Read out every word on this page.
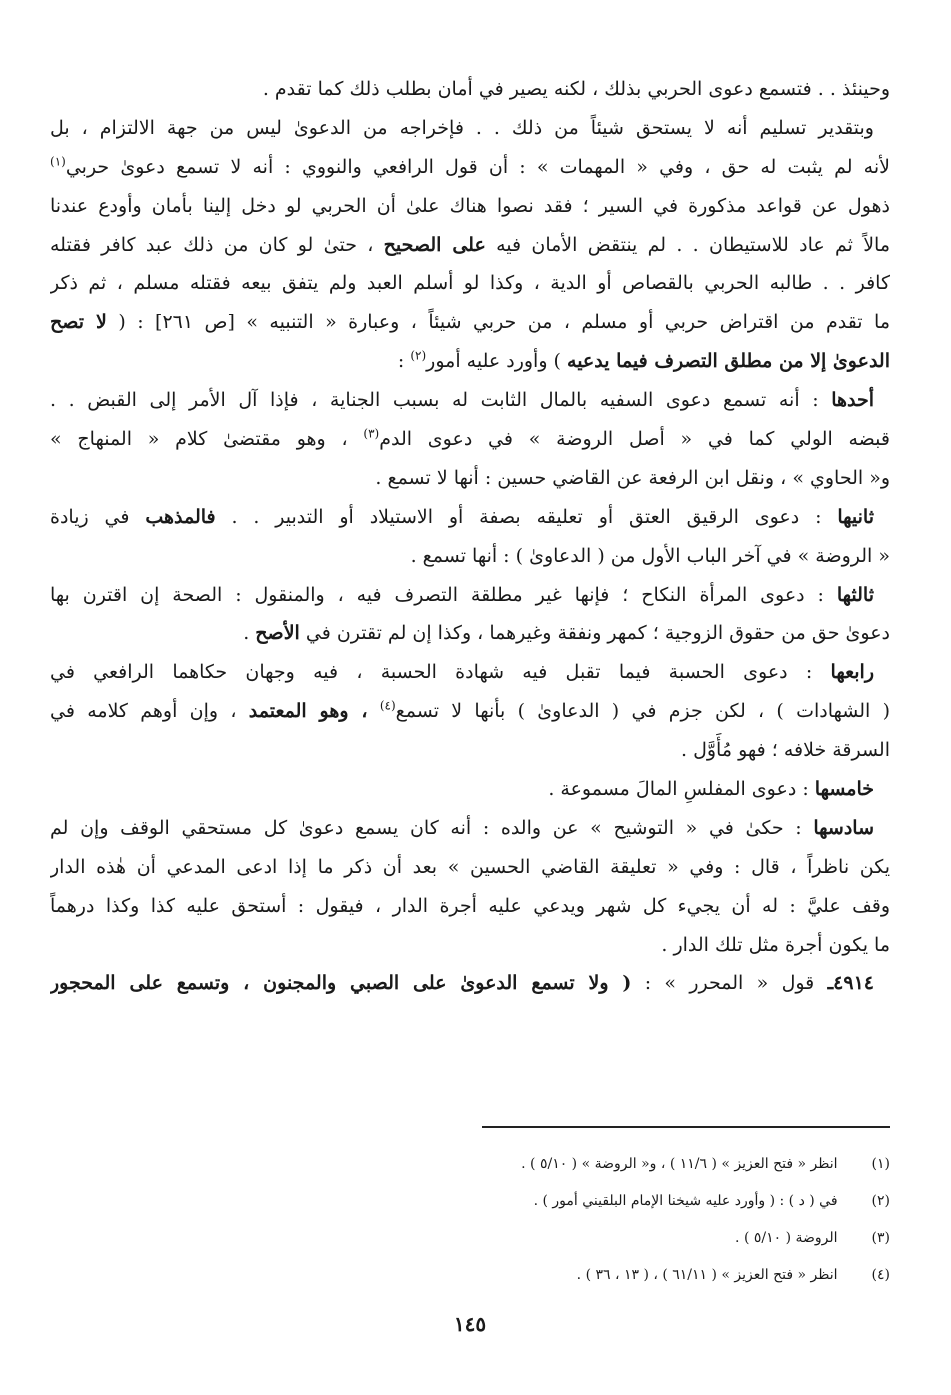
وحينئذ . . فتسمع دعوى الحربي بذلك ، لكنه يصير في أمان بطلب ذلك كما تقدم .
وبتقدير تسليم أنه لا يستحق شيئاً من ذلك . . فإخراجه من الدعوىٰ ليس من جهة الالتزام ، بل
لأنه لم يثبت له حق ، وفي « المهمات » : أن قول الرافعي والنووي : أنه لا تسمع دعوىٰ حربي$^{(١)}$
ذهول عن قواعد مذكورة في السير ؛ فقد نصوا هناك علىٰ أن الحربي لو دخل إلينا بأمان وأودع عندنا
مالاً ثم عاد للاستيطان . . لم ينتقض الأمان فيه على الصحيح ، حتىٰ لو كان من ذلك عبد كافر فقتله
كافر . . طالبه الحربي بالقصاص أو الدية ، وكذا لو أسلم العبد ولم يتفق بيعه فقتله مسلم ، ثم ذكر
ما تقدم من اقتراض حربي أو مسلم ، من حربي شيئاً ، وعبارة « التنبيه » [ص ٢٦١] : ( لا تصح
الدعوىٰ إلا من مطلق التصرف فيما يدعيه ) وأورد عليه أمور$^{(٢)}$ :
أحدها : أنه تسمع دعوى السفيه بالمال الثابت له بسبب الجناية ، فإذا آل الأمر إلى القبض . .
قبضه الولي كما في « أصل الروضة » في دعوى الدم$^{(٣)}$ ، وهو مقتضىٰ كلام « المنهاج »
و« الحاوي » ، ونقل ابن الرفعة عن القاضي حسين : أنها لا تسمع .
ثانيها : دعوى الرقيق العتق أو تعليقه بصفة أو الاستيلاد أو التدبير . . فالمذهب في زيادة
« الروضة » في آخر الباب الأول من ( الدعاوىٰ ) : أنها تسمع .
ثالثها : دعوى المرأة النكاح ؛ فإنها غير مطلقة التصرف فيه ، والمنقول : الصحة إن اقترن بها
دعوىٰ حق من حقوق الزوجية ؛ كمهر ونفقة وغيرهما ، وكذا إن لم تقترن في الأصح .
رابعها : دعوى الحسبة فيما تقبل فيه شهادة الحسبة ، فيه وجهان حكاهما الرافعي في
( الشهادات ) ، لكن جزم في ( الدعاوىٰ ) بأنها لا تسمع$^{(٤)}$ ، وهو المعتمد ، وإن أوهم كلامه في
السرقة خلافه ؛ فهو مُأَوَّل .
خامسها : دعوى المفلسِ المالَ مسموعة .
سادسها : حكىٰ في « التوشيح » عن والده : أنه كان يسمع دعوىٰ كل مستحقي الوقف وإن لم
يكن ناظراً ، قال : وفي « تعليقة القاضي الحسين » بعد أن ذكر ما إذا ادعى المدعي أن هٰذه الدار
وقف عليَّ : له أن يجيء كل شهر ويدعي عليه أجرة الدار ، فيقول : أستحق عليه كذا وكذا درهماً
ما يكون أجرة مثل تلك الدار .
٤٩١٤ـ قول « المحرر » : ( ولا تسمع الدعوىٰ على الصبي والمجنون ، وتسمع على المحجور
(١) انظر « فتح العزيز » ( ١١/٦ ) ، و« الروضة » ( ٥/١٠ ) .
(٢) في ( د ) : ( وأورد عليه شيخنا الإمام البلقيني أمور ) .
(٣) الروضة ( ٥/١٠ ) .
(٤) انظر « فتح العزيز » ( ٦١/١١ ) ، ( ١٣ ، ٣٦ ) .
١٤٥
